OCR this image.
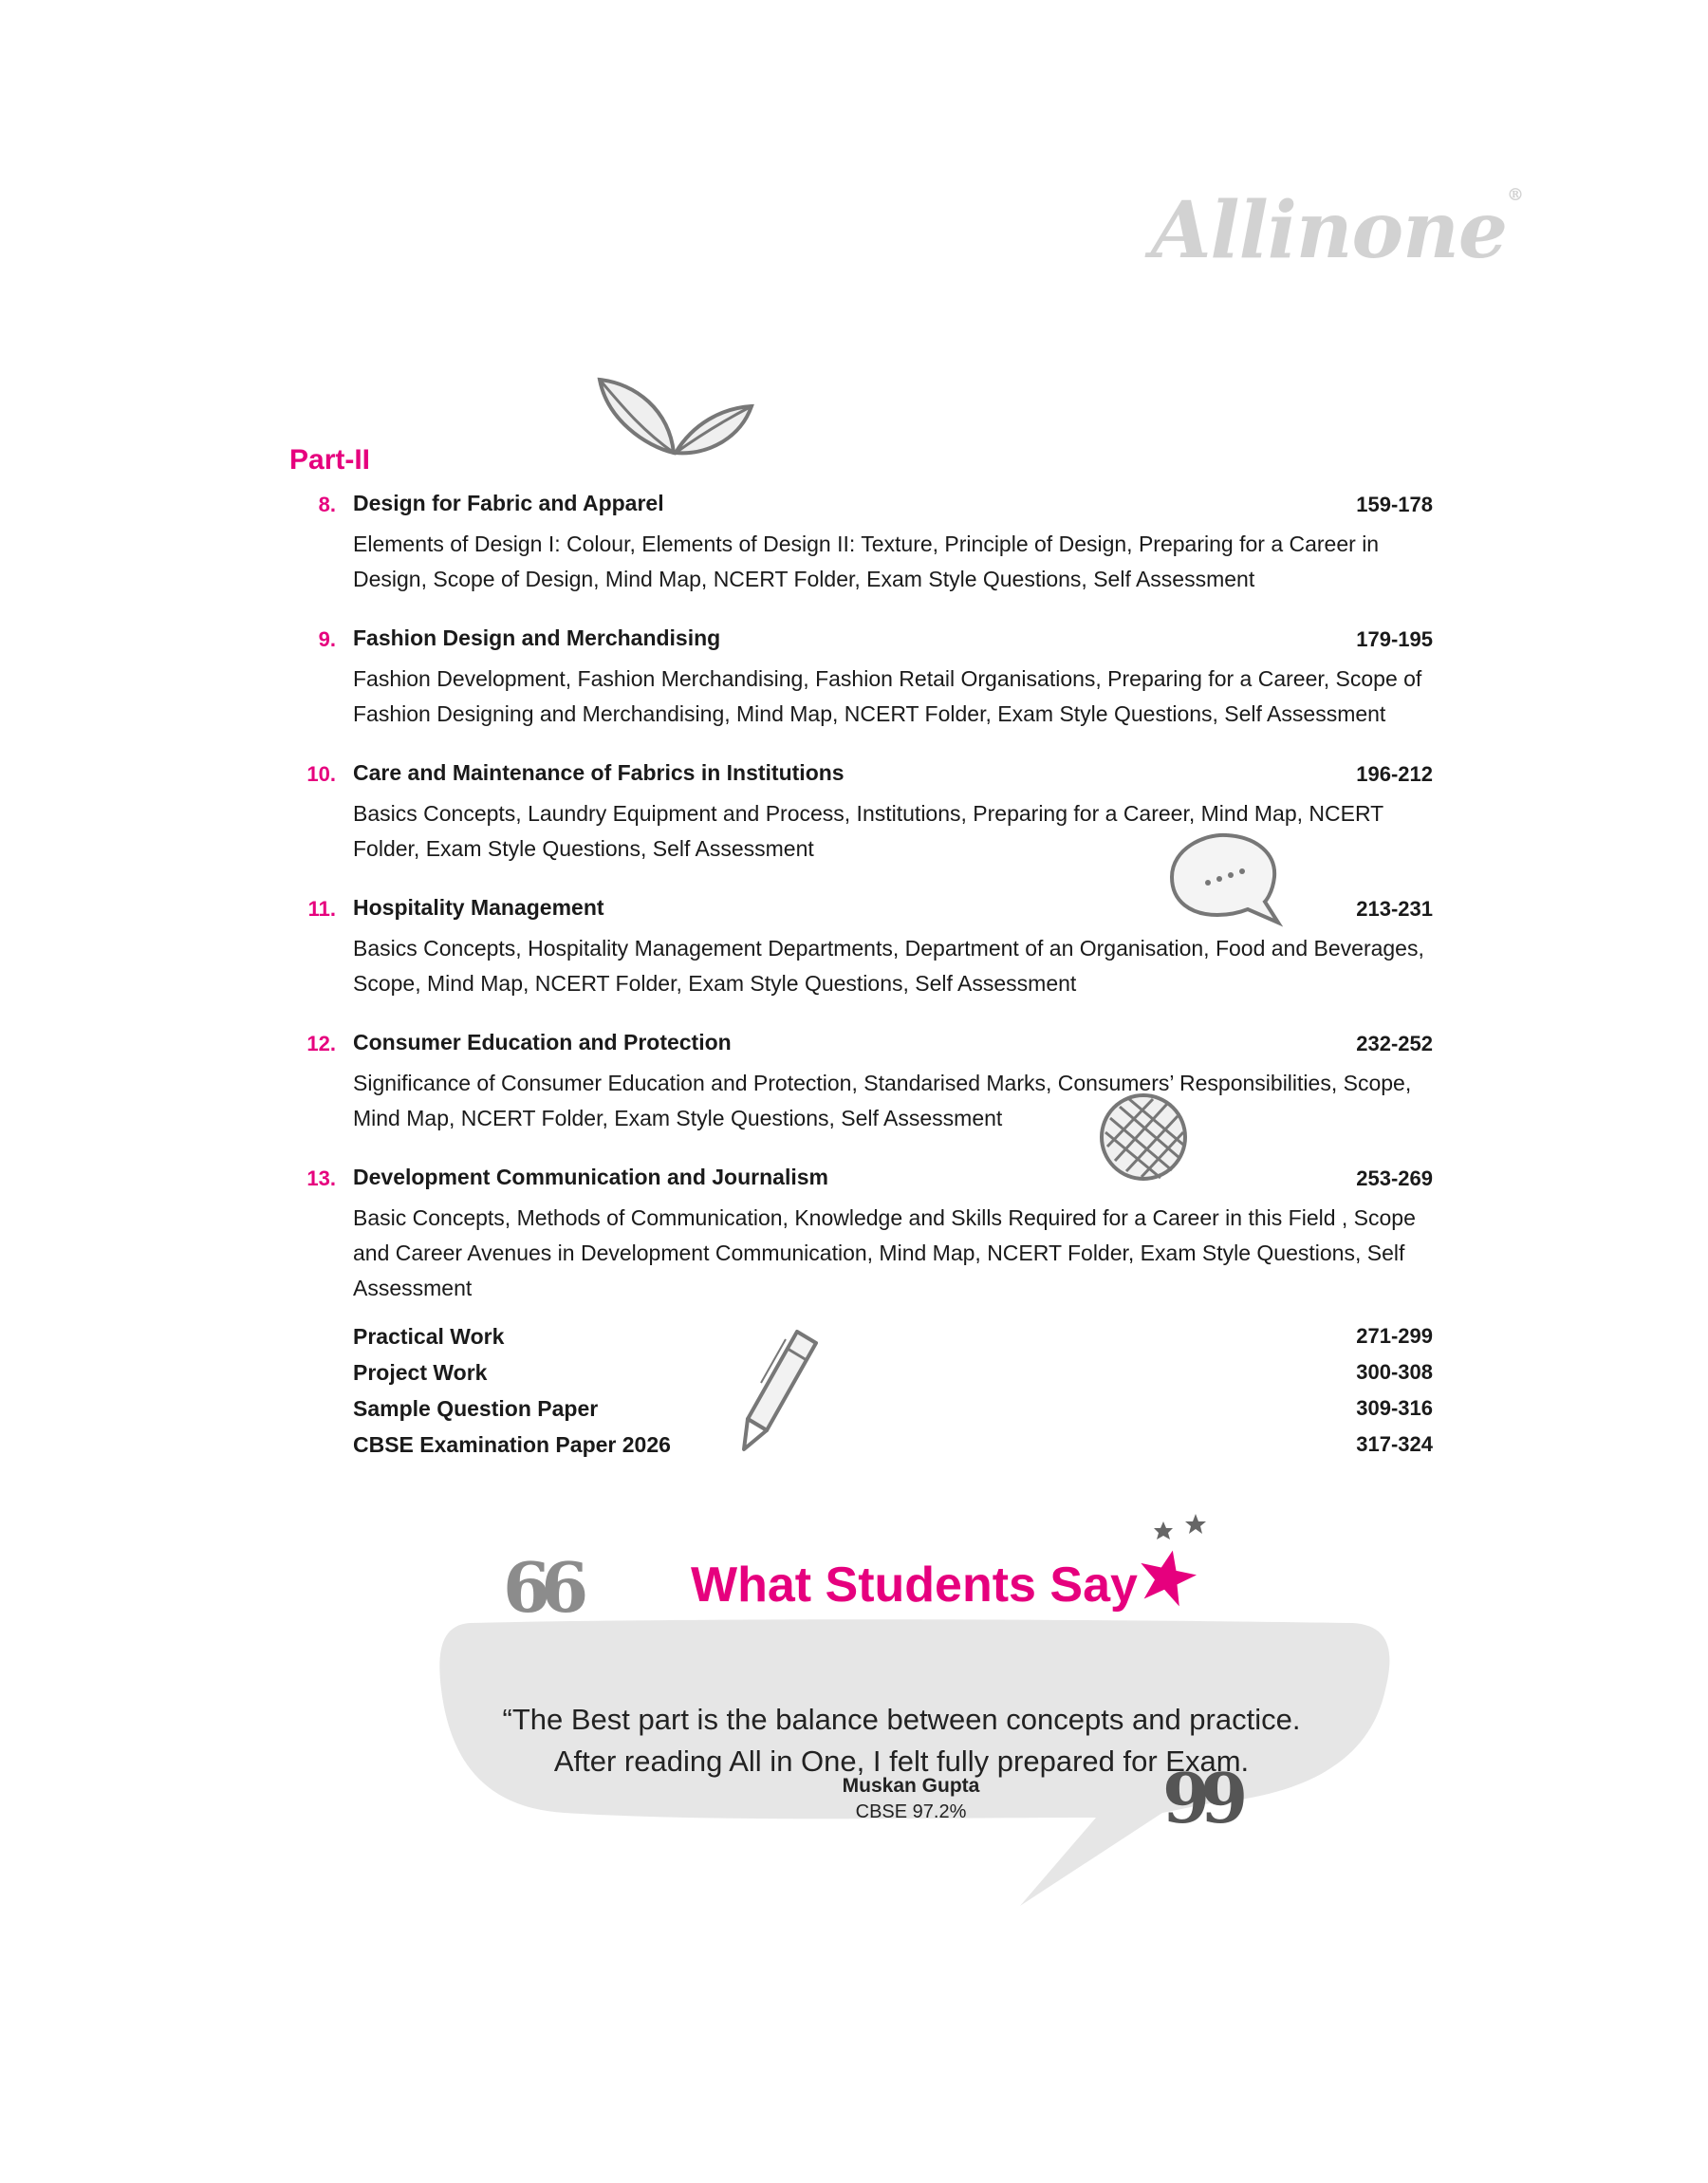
Allinone®
Part-II
8. Design for Fabric and Apparel	159-178
Elements of Design I: Colour, Elements of Design II: Texture, Principle of Design, Preparing for a Career in Design, Scope of Design, Mind Map, NCERT Folder, Exam Style Questions, Self Assessment
9. Fashion Design and Merchandising	179-195
Fashion Development, Fashion Merchandising, Fashion Retail Organisations, Preparing for a Career, Scope of Fashion Designing and Merchandising, Mind Map, NCERT Folder, Exam Style Questions, Self Assessment
10. Care and Maintenance of Fabrics in Institutions	196-212
Basics Concepts, Laundry Equipment and Process, Institutions, Preparing for a Career, Mind Map, NCERT Folder, Exam Style Questions, Self Assessment
11. Hospitality Management	213-231
Basics Concepts, Hospitality Management Departments, Department of an Organisation, Food and Beverages, Scope, Mind Map, NCERT Folder, Exam Style Questions, Self Assessment
12. Consumer Education and Protection	232-252
Significance of Consumer Education and Protection, Standarised Marks, Consumers’ Responsibilities, Scope, Mind Map, NCERT Folder, Exam Style Questions, Self Assessment
13. Development Communication and Journalism	253-269
Basic Concepts, Methods of Communication, Knowledge and Skills Required for a Career in this Field , Scope and Career Avenues in Development Communication, Mind Map, NCERT Folder, Exam Style Questions, Self Assessment
Practical Work	271-299
Project Work	300-308
Sample Question Paper	309-316
CBSE Examination Paper 2026	317-324
66 What Students Say
“The Best part is the balance between concepts and practice.
After reading All in One, I felt fully prepared for Exam.
Muskan Gupta
CBSE 97.2%	99
